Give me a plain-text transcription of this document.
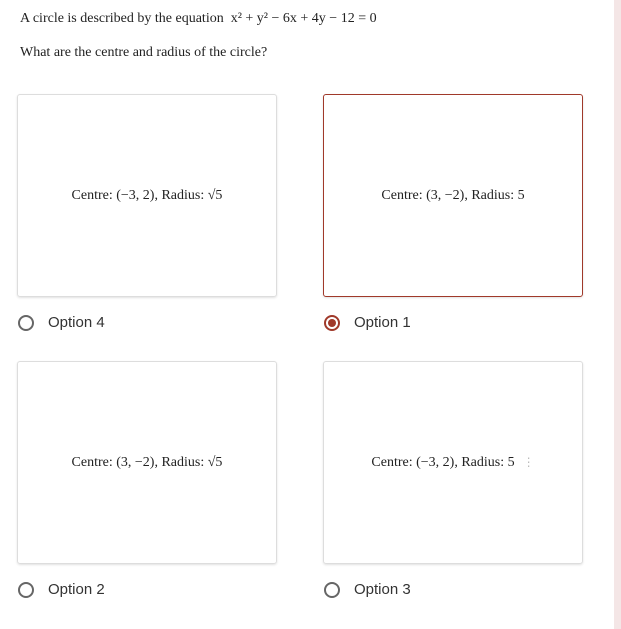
A circle is described by the equation x² + y² − 6x + 4y − 12 = 0
What are the centre and radius of the circle?
Centre: (−3, 2), Radius: √5	Centre: (3, −2), Radius: 5
Option 4	Option 1
Centre: (3, −2), Radius: √5	Centre: (−3, 2), Radius: 5 ⋮
Option 2	Option 3
